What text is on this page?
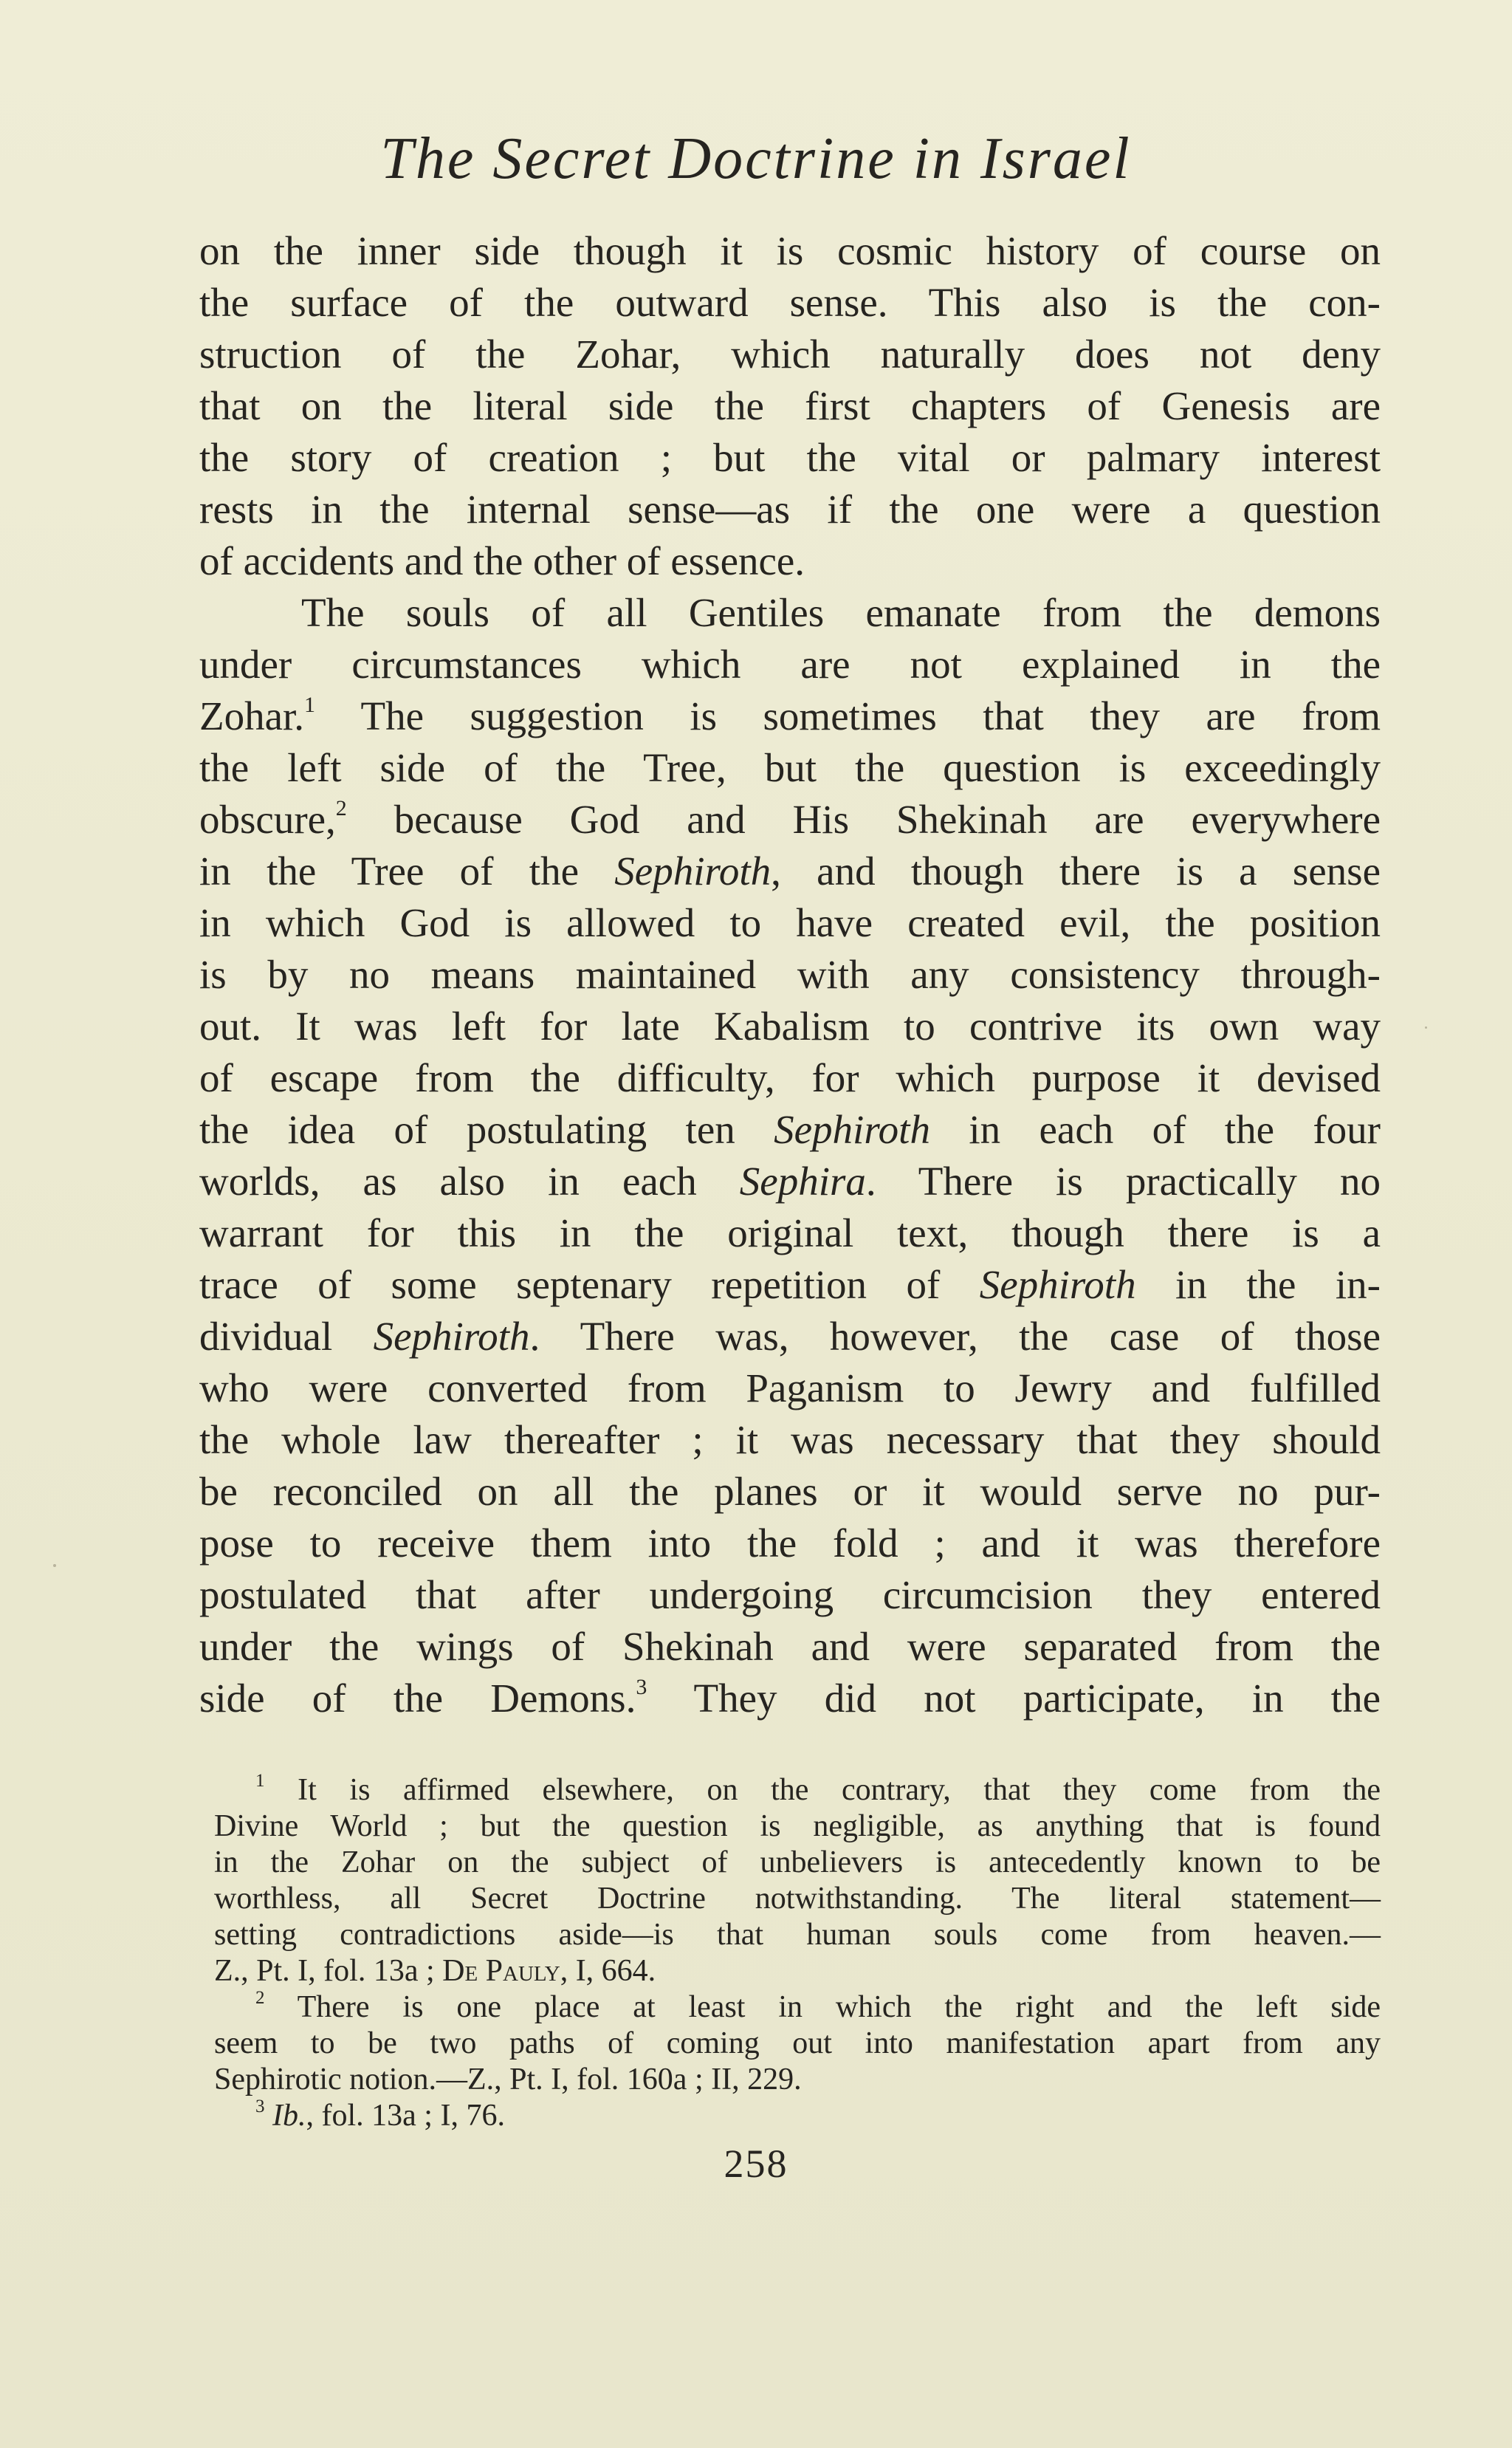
The Secret Doctrine in Israel
on the inner side though it is cosmic history of course on
the surface of the outward sense. This also is the con-
struction of the Zohar, which naturally does not deny
that on the literal side the first chapters of Genesis are
the story of creation ; but the vital or palmary interest
rests in the internal sense—as if the one were a question
of accidents and the other of essence.
The souls of all Gentiles emanate from the demons
under circumstances which are not explained in the
Zohar.$^1$ The suggestion is sometimes that they are from
the left side of the Tree, but the question is exceedingly
obscure,$^2$ because God and His Shekinah are everywhere
in the Tree of the Sephiroth, and though there is a sense
in which God is allowed to have created evil, the position
is by no means maintained with any consistency through-
out. It was left for late Kabalism to contrive its own way
of escape from the difficulty, for which purpose it devised
the idea of postulating ten Sephiroth in each of the four
worlds, as also in each Sephira. There is practically no
warrant for this in the original text, though there is a
trace of some septenary repetition of Sephiroth in the in-
dividual Sephiroth. There was, however, the case of those
who were converted from Paganism to Jewry and fulfilled
the whole law thereafter ; it was necessary that they should
be reconciled on all the planes or it would serve no pur-
pose to receive them into the fold ; and it was therefore
postulated that after undergoing circumcision they entered
under the wings of Shekinah and were separated from the
side of the Demons.$^3$ They did not participate, in the
$^1$ It is affirmed elsewhere, on the contrary, that they come from the
Divine World ; but the question is negligible, as anything that is found
in the Zohar on the subject of unbelievers is antecedently known to be
worthless, all Secret Doctrine notwithstanding. The literal statement—
setting contradictions aside—is that human souls come from heaven.—
Z., Pt. I, fol. 13a ; De Pauly, I, 664.
$^2$ There is one place at least in which the right and the left side
seem to be two paths of coming out into manifestation apart from any
Sephirotic notion.—Z., Pt. I, fol. 160a ; II, 229.
$^3$ Ib., fol. 13a ; I, 76.
258
